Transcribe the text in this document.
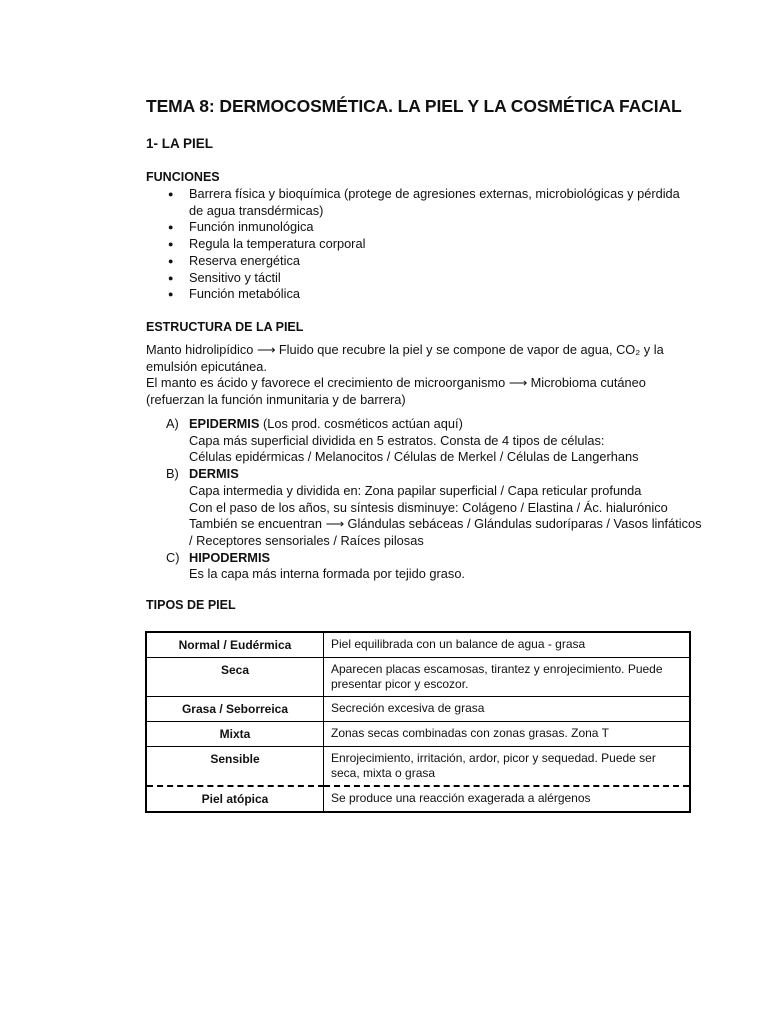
TEMA 8: DERMOCOSMÉTICA. LA PIEL Y LA COSMÉTICA FACIAL
1- LA PIEL
FUNCIONES
● Barrera física y bioquímica (protege de agresiones externas, microbiológicas y pérdida de agua transdérmicas)
● Función inmunológica
● Regula la temperatura corporal
● Reserva energética
● Sensitivo y táctil
● Función metabólica
ESTRUCTURA DE LA PIEL

Manto hidrolipídico ⟶ Fluido que recubre la piel y se compone de vapor de agua, CO₂ y la emulsión epicutánea.

El manto es ácido y favorece el crecimiento de microorganismo ⟶ Microbioma cutáneo (refuerzan la función inmunitaria y de barrera)

A) EPIDERMIS (Los prod. cosméticos actúan aquí)

Capa más superficial dividida en 5 estratos. Consta de 4 tipos de células:

Células epidérmicas / Melanocitos / Células de Merkel / Células de Langerhans

B) DERMIS

Capa intermedia y dividida en: Zona papilar superficial / Capa reticular profunda

Con el paso de los años, su síntesis disminuye: Colágeno / Elastina / Ác. hialurónico

También se encuentran ⟶ Glándulas sebáceas / Glándulas sudoríparas / Vasos linfáticos / Receptores sensoriales / Raíces pilosas

C) HIPODERMIS

Es la capa más interna formada por tejido graso.

TIPOS DE PIEL
Normal / Eudérmica	Piel equilibrada con un balance de agua - grasa
Seca	Aparecen placas escamosas, tirantez y enrojecimiento. Puede presentar picor y escozor.
Grasa / Seborreica	Secreción excesiva de grasa
Mixta	Zonas secas combinadas con zonas grasas. Zona T
Sensible	Enrojecimiento, irritación, ardor, picor y sequedad. Puede ser seca, mixta o grasa
Piel atópica	Se produce una reacción exagerada a alérgenos
